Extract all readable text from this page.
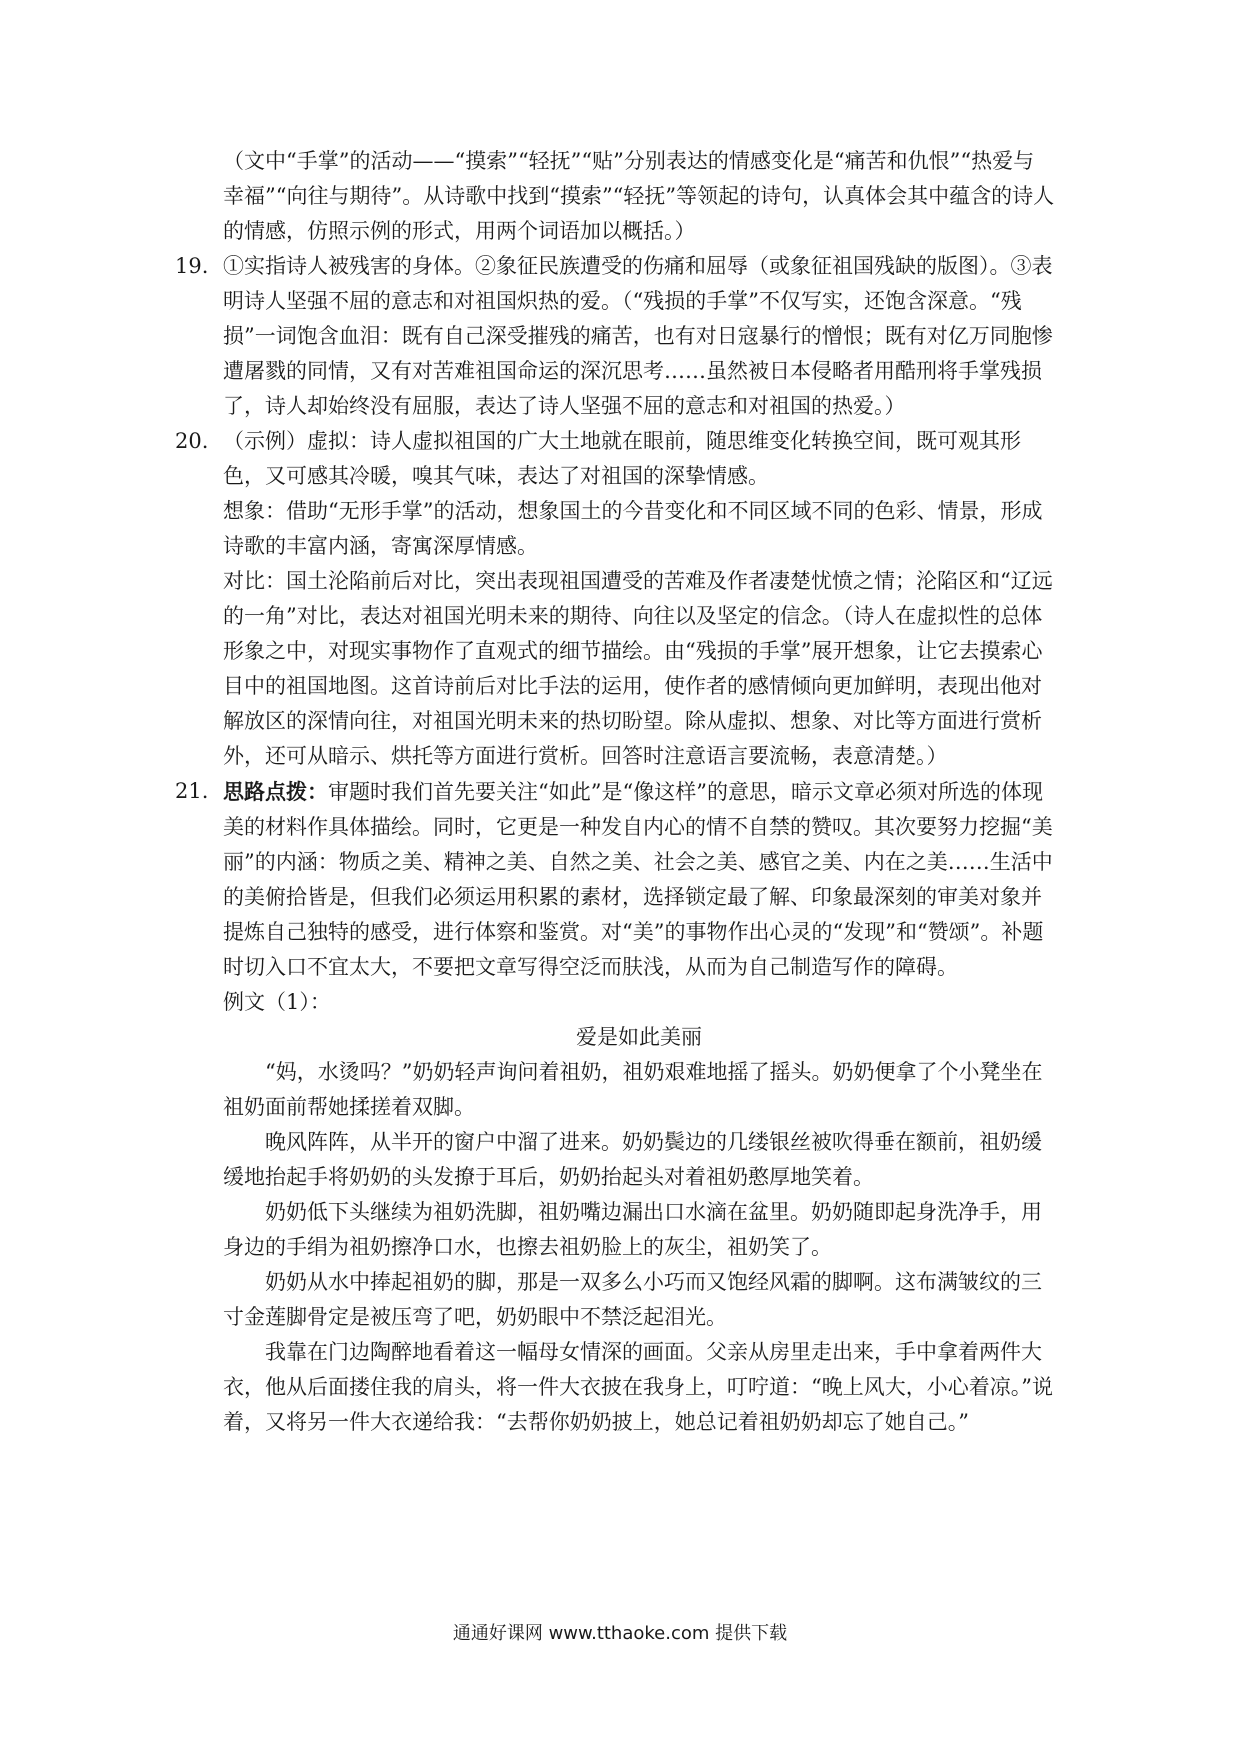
（文中“手掌”的活动——“摸索”“轻抚”“贴”分别表达的情感变化是“痛苦和仇恨”“热爱与幸福”“向往与期待”。从诗歌中找到“摸索”“轻抚”等领起的诗句，认真体会其中蕴含的诗人的情感，仿照示例的形式，用两个词语加以概括。）

19. ①实指诗人被残害的身体。②象征民族遭受的伤痛和屈辱（或象征祖国残缺的版图）。③表明诗人坚强不屈的意志和对祖国炽热的爱。（“残损的手掌”不仅写实，还饱含深意。“残损”一词饱含血泪：既有自己深受摧残的痛苦，也有对日寇暴行的憎恨；既有对亿万同胞惨遭屠戮的同情，又有对苦难祖国命运的深沉思考……虽然被日本侵略者用酷刑将手掌残损了，诗人却始终没有屈服，表达了诗人坚强不屈的意志和对祖国的热爱。）
20. （示例）虚拟：诗人虚拟祖国的广大土地就在眼前，随思维变化转换空间，既可观其形色，又可感其冷暖，嗅其气味，表达了对祖国的深挚情感。

想象：借助“无形手掌”的活动，想象国土的今昔变化和不同区域不同的色彩、情景，形成诗歌的丰富内涵，寄寓深厚情感。

对比：国土沦陷前后对比，突出表现祖国遭受的苦难及作者凄楚忧愤之情；沦陷区和“辽远的一角”对比，表达对祖国光明未来的期待、向往以及坚定的信念。（诗人在虚拟性的总体形象之中，对现实事物作了直观式的细节描绘。由“残损的手掌”展开想象，让它去摸索心目中的祖国地图。这首诗前后对比手法的运用，使作者的感情倾向更加鲜明，表现出他对解放区的深情向往，对祖国光明未来的热切盼望。除从虚拟、想象、对比等方面进行赏析外，还可从暗示、烘托等方面进行赏析。回答时注意语言要流畅，表意清楚。）

21. 思路点拨：审题时我们首先要关注“如此”是“像这样”的意思，暗示文章必须对所选的体现美的材料作具体描绘。同时，它更是一种发自内心的情不自禁的赞叹。其次要努力挖掘“美丽”的内涵：物质之美、精神之美、自然之美、社会之美、感官之美、内在之美……生活中的美俯拾皆是，但我们必须运用积累的素材，选择锁定最了解、印象最深刻的审美对象并提炼自己独特的感受，进行体察和鉴赏。对“美”的事物作出心灵的“发现”和“赞颂”。补题时切入口不宜太大，不要把文章写得空泛而肤浅，从而为自己制造写作的障碍。

例文（1）：

爱是如此美丽

“妈，水烫吗？”奶奶轻声询问着祖奶，祖奶艰难地摇了摇头。奶奶便拿了个小凳坐在祖奶面前帮她揉搓着双脚。

晚风阵阵，从半开的窗户中溜了进来。奶奶鬓边的几缕银丝被吹得垂在额前，祖奶缓缓地抬起手将奶奶的头发撩于耳后，奶奶抬起头对着祖奶憨厚地笑着。

奶奶低下头继续为祖奶洗脚，祖奶嘴边漏出口水滴在盆里。奶奶随即起身洗净手，用身边的手绢为祖奶擦净口水，也擦去祖奶脸上的灰尘，祖奶笑了。

奶奶从水中捧起祖奶的脚，那是一双多么小巧而又饱经风霜的脚啊。这布满皱纹的三寸金莲脚骨定是被压弯了吧，奶奶眼中不禁泛起泪光。

我靠在门边陶醉地看着这一幅母女情深的画面。父亲从房里走出来，手中拿着两件大衣，他从后面搂住我的肩头，将一件大衣披在我身上，叮咛道：“晚上风大，小心着凉。”说着，又将另一件大衣递给我：“去帮你奶奶披上，她总记着祖奶奶却忘了她自己。”

通通好课网 www.tthaoke.com 提供下载
